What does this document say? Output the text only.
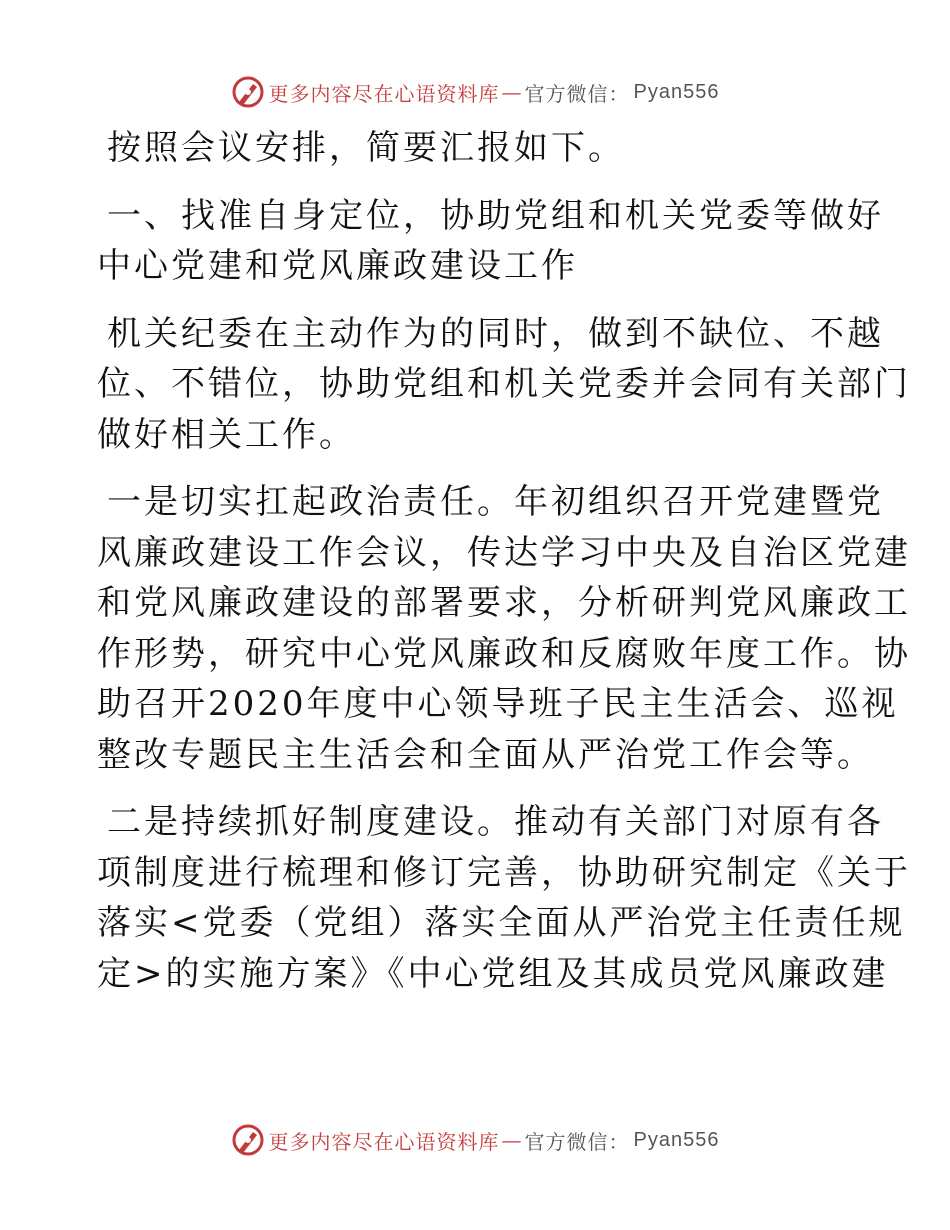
更多内容尽在心语资料库 — 官方微信： Pyan556

按照会议安排，简要汇报如下。

一、找准自身定位，协助党组和机关党委等做好
中心党建和党风廉政建设工作

机关纪委在主动作为的同时，做到不缺位、不越
位、不错位，协助党组和机关党委并会同有关部门
做好相关工作。

一是切实扛起政治责任。年初组织召开党建暨党
风廉政建设工作会议，传达学习中央及自治区党建
和党风廉政建设的部署要求，分析研判党风廉政工
作形势，研究中心党风廉政和反腐败年度工作。协
助召开2020年度中心领导班子民主生活会、巡视
整改专题民主生活会和全面从严治党工作会等。

二是持续抓好制度建设。推动有关部门对原有各
项制度进行梳理和修订完善，协助研究制定《关于
落实<党委（党组）落实全面从严治党主任责任规
定>的实施方案》《中心党组及其成员党风廉政建

更多内容尽在心语资料库 — 官方微信： Pyan556
